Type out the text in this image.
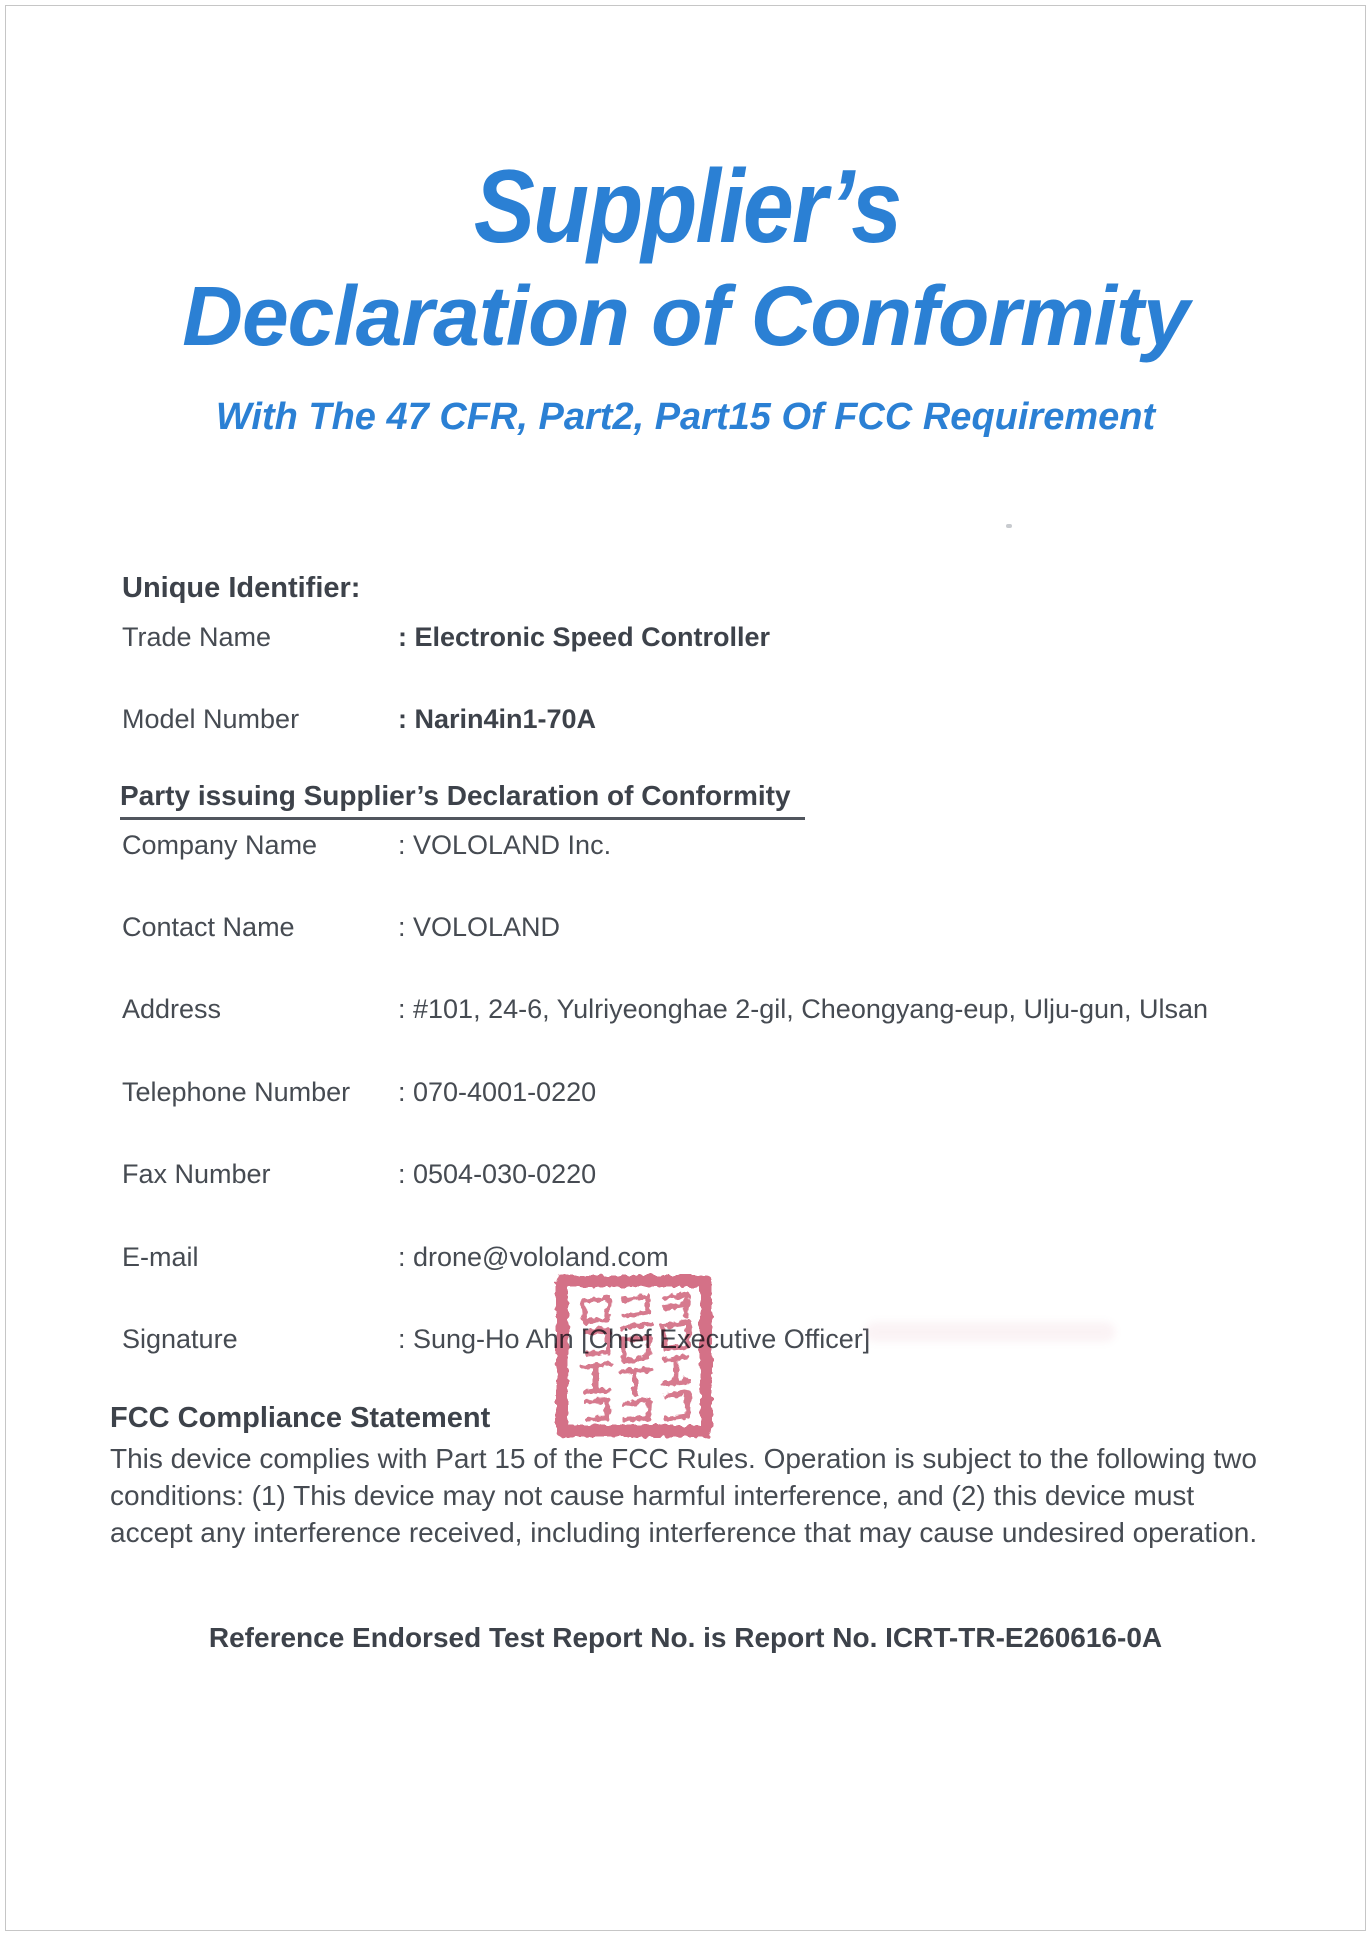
Supplier’s
Declaration of Conformity
With The 47 CFR, Part2, Part15 Of FCC Requirement
Unique Identifier:
Trade Name	: Electronic Speed Controller
Model Number	: Narin4in1-70A
Party issuing Supplier’s Declaration of Conformity
Company Name	: VOLOLAND Inc.
Contact Name	: VOLOLAND
Address	: #101, 24-6, Yulriyeonghae 2-gil, Cheongyang-eup, Ulju-gun, Ulsan
Telephone Number : 070-4001-0220
Fax Number	: 0504-030-0220
E-mail	: drone@vololand.com
Signature	: Sung-Ho Ahn [Chief Executive Officer]
FCC Compliance Statement
This device complies with Part 15 of the FCC Rules. Operation is subject to the following two conditions: (1) This device may not cause harmful interference, and (2) this device must accept any interference received, including interference that may cause undesired operation.
Reference Endorsed Test Report No. is Report No. ICRT-TR-E260616-0A
